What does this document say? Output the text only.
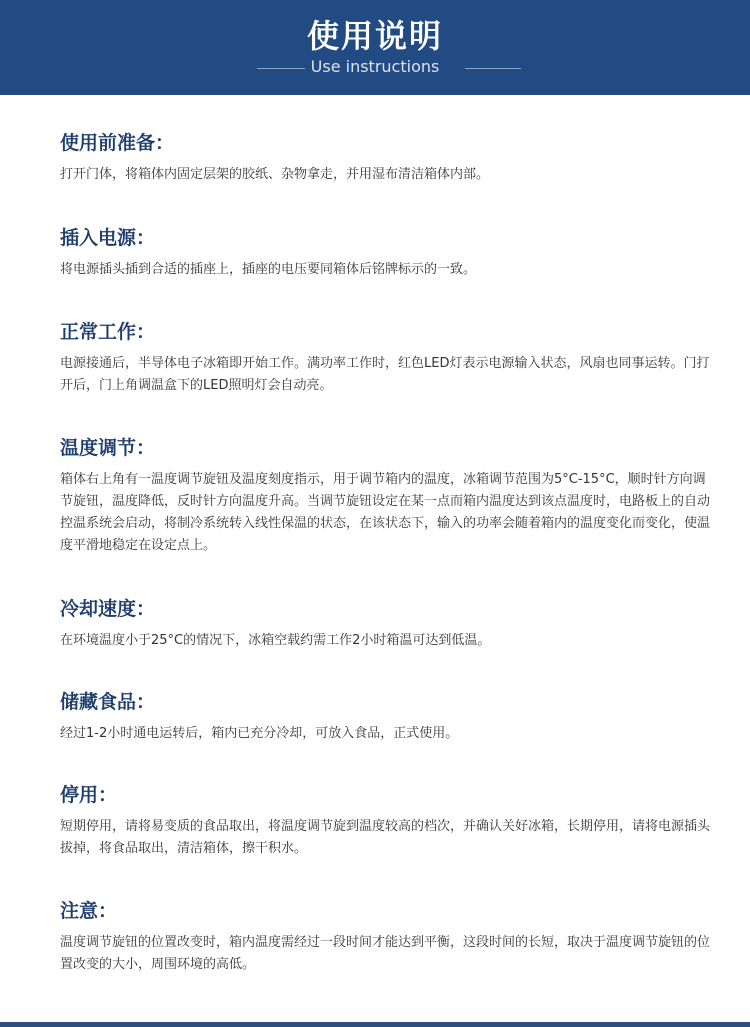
使用说明
Use instructions
使用前准备：

打开门体，将箱体内固定层架的胶纸、杂物拿走，并用湿布清洁箱体内部。

插入电源：

将电源插头插到合适的插座上，插座的电压要同箱体后铭牌标示的一致。

正常工作：

电源接通后，半导体电子冰箱即开始工作。满功率工作时，红色LED灯表示电源输入状态，风扇也同事运转。门打开后，门上角调温盒下的LED照明灯会自动亮。

温度调节：

箱体右上角有一温度调节旋钮及温度刻度指示，用于调节箱内的温度，冰箱调节范围为5°C-15°C，顺时针方向调节旋钮，温度降低，反时针方向温度升高。当调节旋钮设定在某一点而箱内温度达到该点温度时，电路板上的自动控温系统会启动，将制冷系统转入线性保温的状态，在该状态下，输入的功率会随着箱内的温度变化而变化，使温度平滑地稳定在设定点上。

冷却速度：

在环境温度小于25°C的情况下，冰箱空载约需工作2小时箱温可达到低温。

储藏食品：

经过1-2小时通电运转后，箱内已充分冷却，可放入食品，正式使用。

停用：

短期停用，请将易变质的食品取出，将温度调节旋到温度较高的档次，并确认关好冰箱，长期停用，请将电源插头拔掉，将食品取出，清洁箱体，擦干积水。

注意：

温度调节旋钮的位置改变时，箱内温度需经过一段时间才能达到平衡，这段时间的长短，取决于温度调节旋钮的位置改变的大小，周围环境的高低。
